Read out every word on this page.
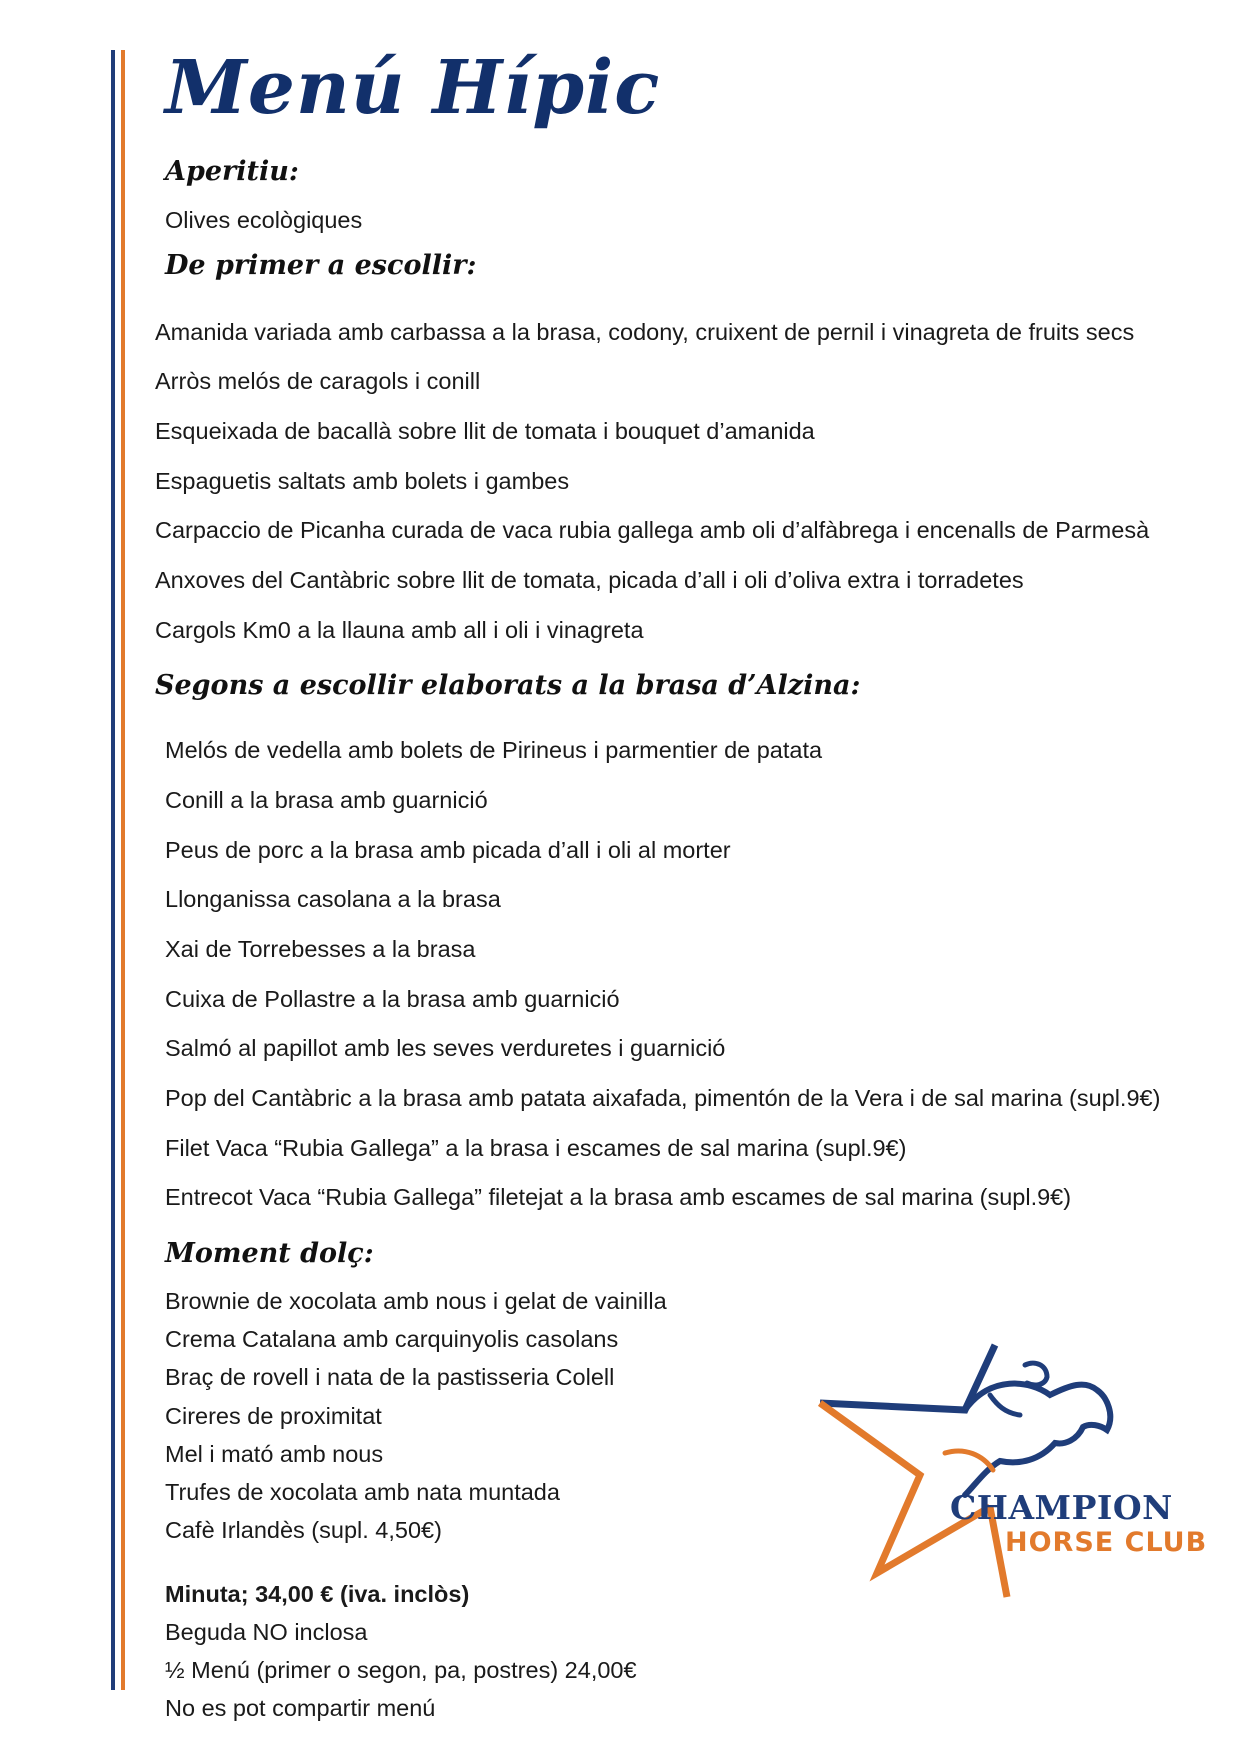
Menú Hípic
Aperitiu:

Olives ecològiques

De primer a escollir:

Amanida variada amb carbassa a la brasa, codony, cruixent de pernil i vinagreta de fruits secs

Arròs melós de caragols i conill

Esqueixada de bacallà sobre llit de tomata i bouquet d’amanida

Espaguetis saltats amb bolets i gambes

Carpaccio de Picanha curada de vaca rubia gallega amb oli d’alfàbrega i encenalls de Parmesà

Anxoves del Cantàbric sobre llit de tomata, picada d’all i oli d’oliva extra i torradetes

Cargols Km0 a la llauna amb all i oli i vinagreta

Segons a escollir elaborats a la brasa d’Alzina:

Melós de vedella amb bolets de Pirineus i parmentier de patata

Conill a la brasa amb guarnició

Peus de porc a la brasa amb picada d’all i oli al morter

Llonganissa casolana a la brasa

Xai de Torrebesses a la brasa

Cuixa de Pollastre a la brasa amb guarnició

Salmó al papillot amb les seves verduretes i guarnició

Pop del Cantàbric a la brasa amb patata aixafada, pimentón de la Vera i de sal marina (supl.9€)

Filet Vaca “Rubia Gallega” a la brasa i escames de sal marina (supl.9€)

Entrecot Vaca “Rubia Gallega” filetejat a la brasa amb escames de sal marina (supl.9€)

Moment dolç:

Brownie de xocolata amb nous i gelat de vainilla

Crema Catalana amb carquinyolis casolans

Braç de rovell i nata de la pastisseria Colell

Cireres de proximitat

Mel i mató amb nous

Trufes de xocolata amb nata muntada

Cafè Irlandès (supl. 4,50€)

Minuta; 34,00 € (iva. inclòs)

Beguda NO inclosa

½ Menú (primer o segon, pa, postres) 24,00€

No es pot compartir menú

CHAMPION
HORSE CLUB
